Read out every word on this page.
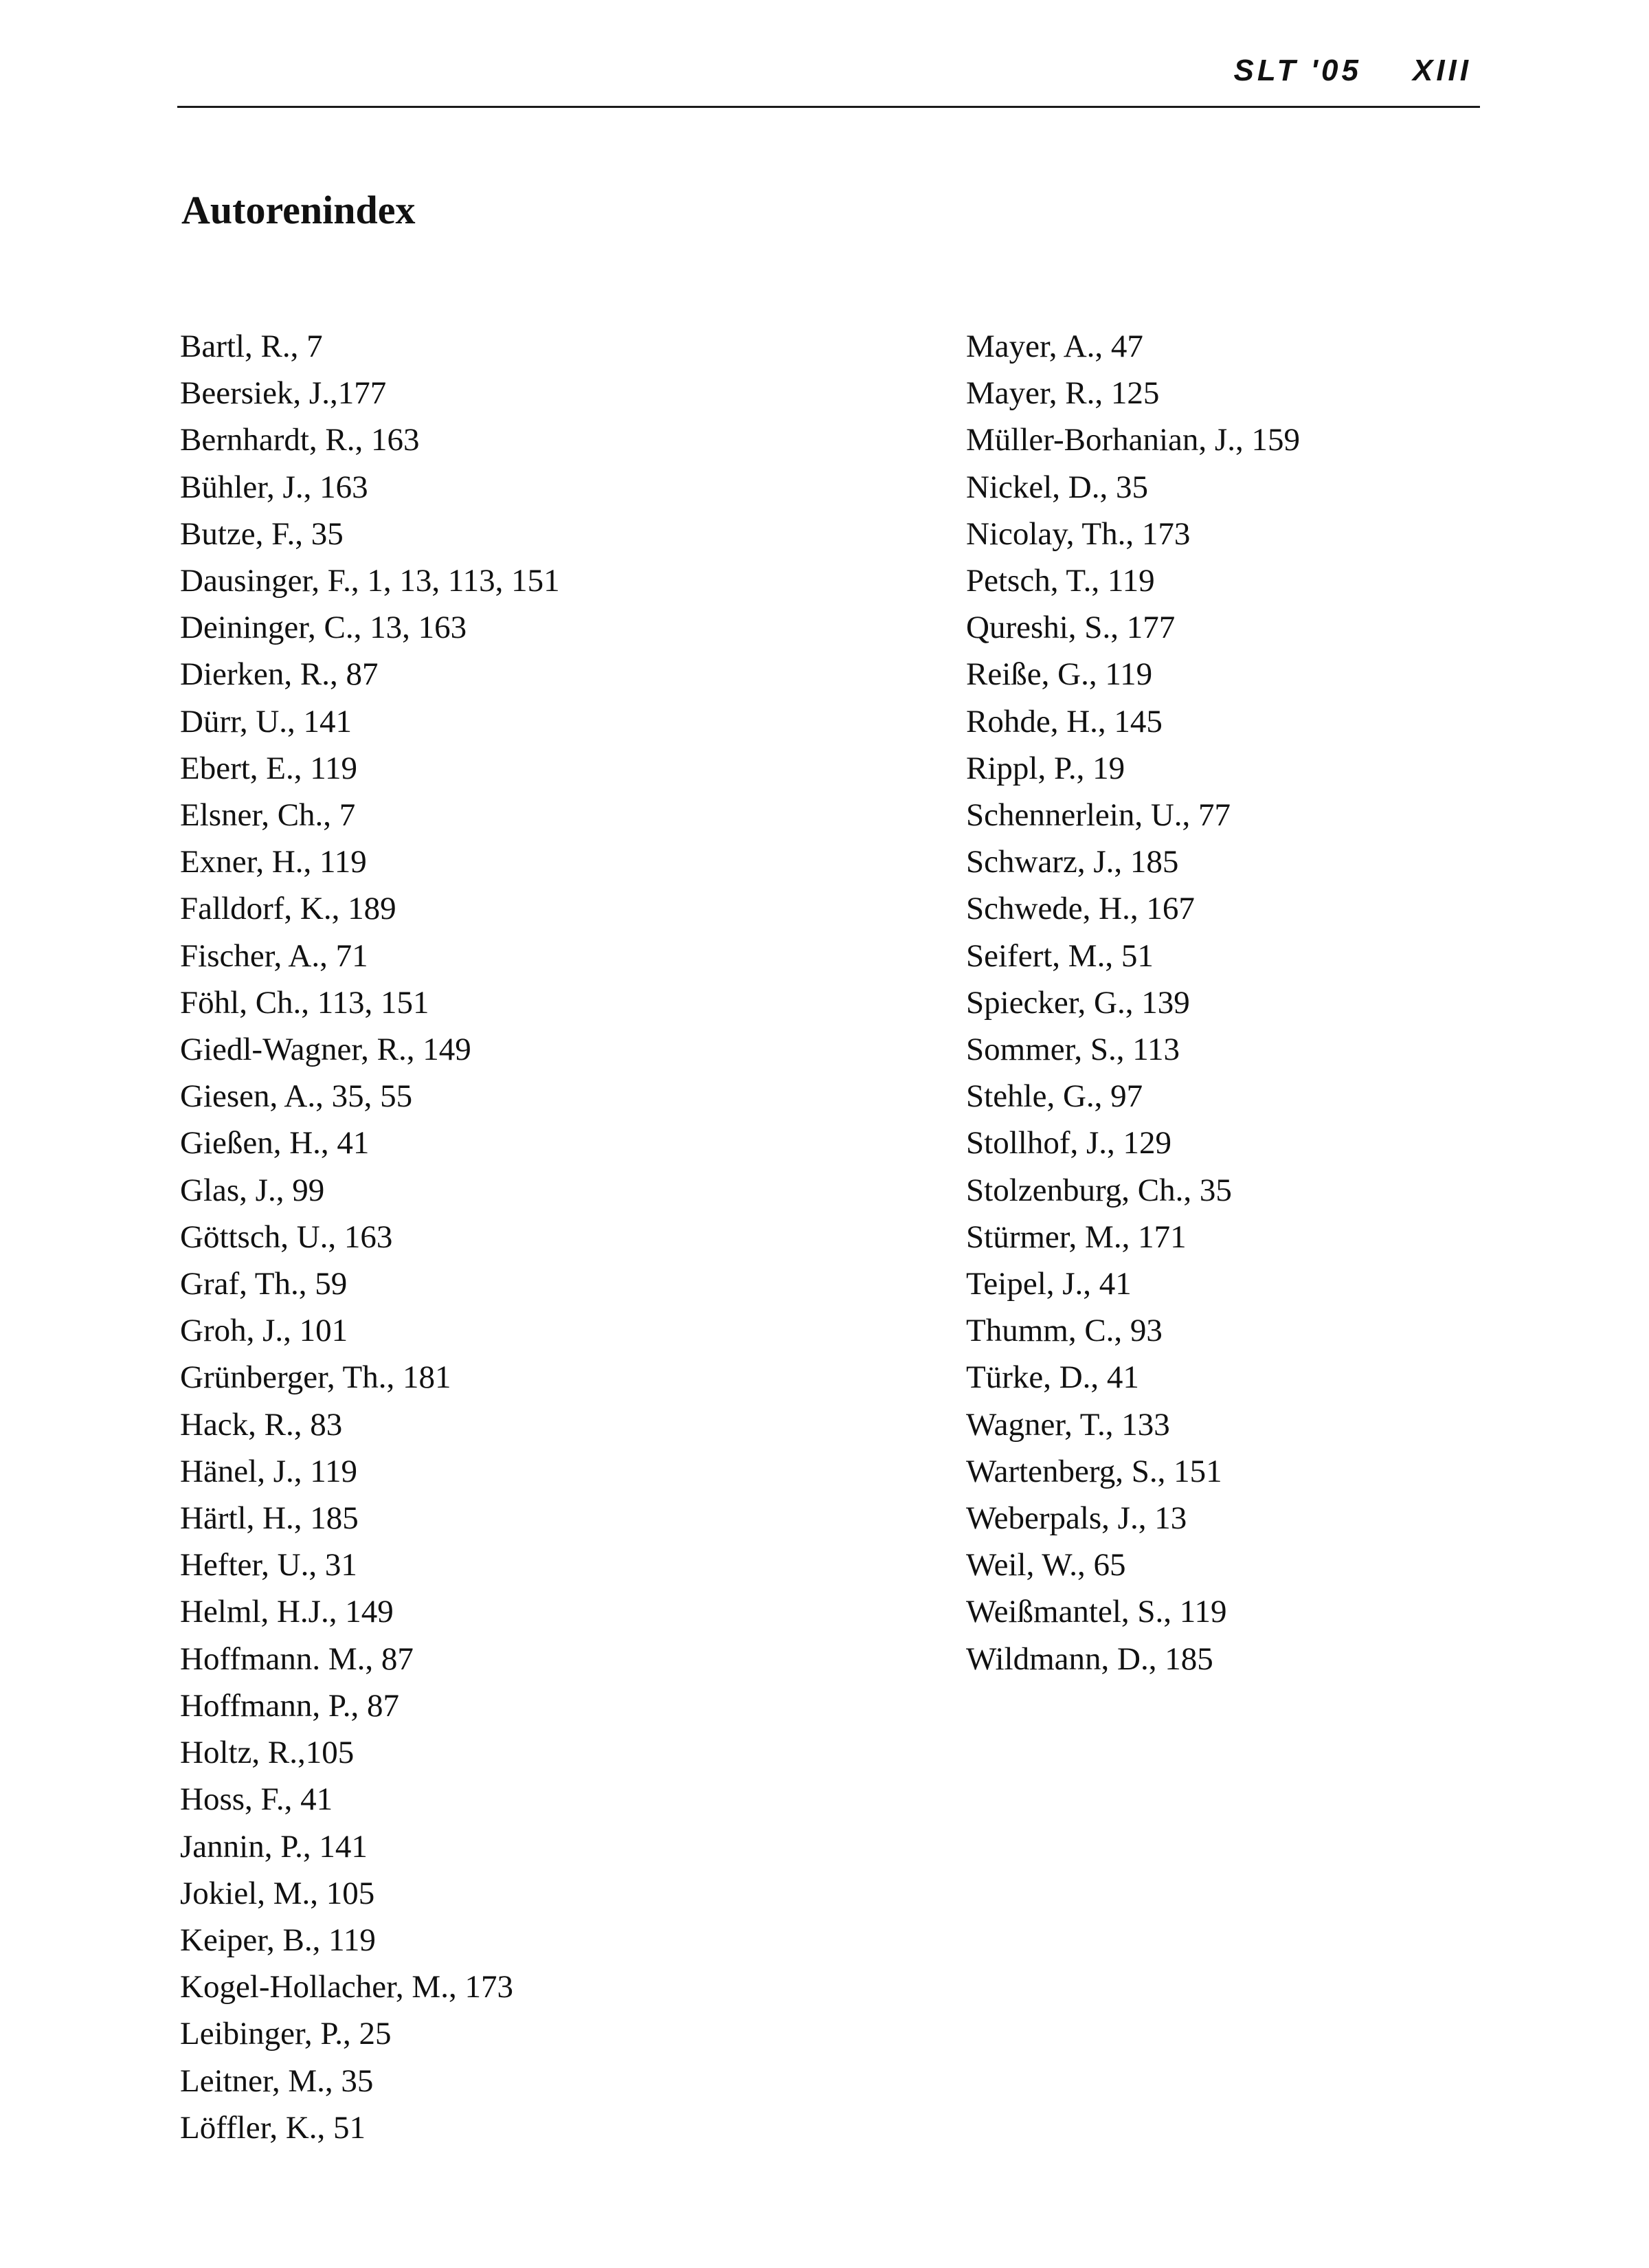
SLT '05 XIII
Autorenindex
Bartl, R., 7
Beersiek, J.,177
Bernhardt, R., 163
Bühler, J., 163
Butze, F., 35
Dausinger, F., 1, 13, 113, 151
Deininger, C., 13, 163
Dierken, R., 87
Dürr, U., 141
Ebert, E., 119
Elsner, Ch., 7
Exner, H., 119
Falldorf, K., 189
Fischer, A., 71
Föhl, Ch., 113, 151
Giedl-Wagner, R., 149
Giesen, A., 35, 55
Gießen, H., 41
Glas, J., 99
Göttsch, U., 163
Graf, Th., 59
Groh, J., 101
Grünberger, Th., 181
Hack, R., 83
Hänel, J., 119
Härtl, H., 185
Hefter, U., 31
Helml, H.J., 149
Hoffmann. M., 87
Hoffmann, P., 87
Holtz, R.,105
Hoss, F., 41
Jannin, P., 141
Jokiel, M., 105
Keiper, B., 119
Kogel-Hollacher, M., 173
Leibinger, P., 25
Leitner, M., 35
Löffler, K., 51
Mayer, A., 47
Mayer, R., 125
Müller-Borhanian, J., 159
Nickel, D., 35
Nicolay, Th., 173
Petsch, T., 119
Qureshi, S., 177
Reiße, G., 119
Rohde, H., 145
Rippl, P., 19
Schennerlein, U., 77
Schwarz, J., 185
Schwede, H., 167
Seifert, M., 51
Spiecker, G., 139
Sommer, S., 113
Stehle, G., 97
Stollhof, J., 129
Stolzenburg, Ch., 35
Stürmer, M., 171
Teipel, J., 41
Thumm, C., 93
Türke, D., 41
Wagner, T., 133
Wartenberg, S., 151
Weberpals, J., 13
Weil, W., 65
Weißmantel, S., 119
Wildmann, D., 185
